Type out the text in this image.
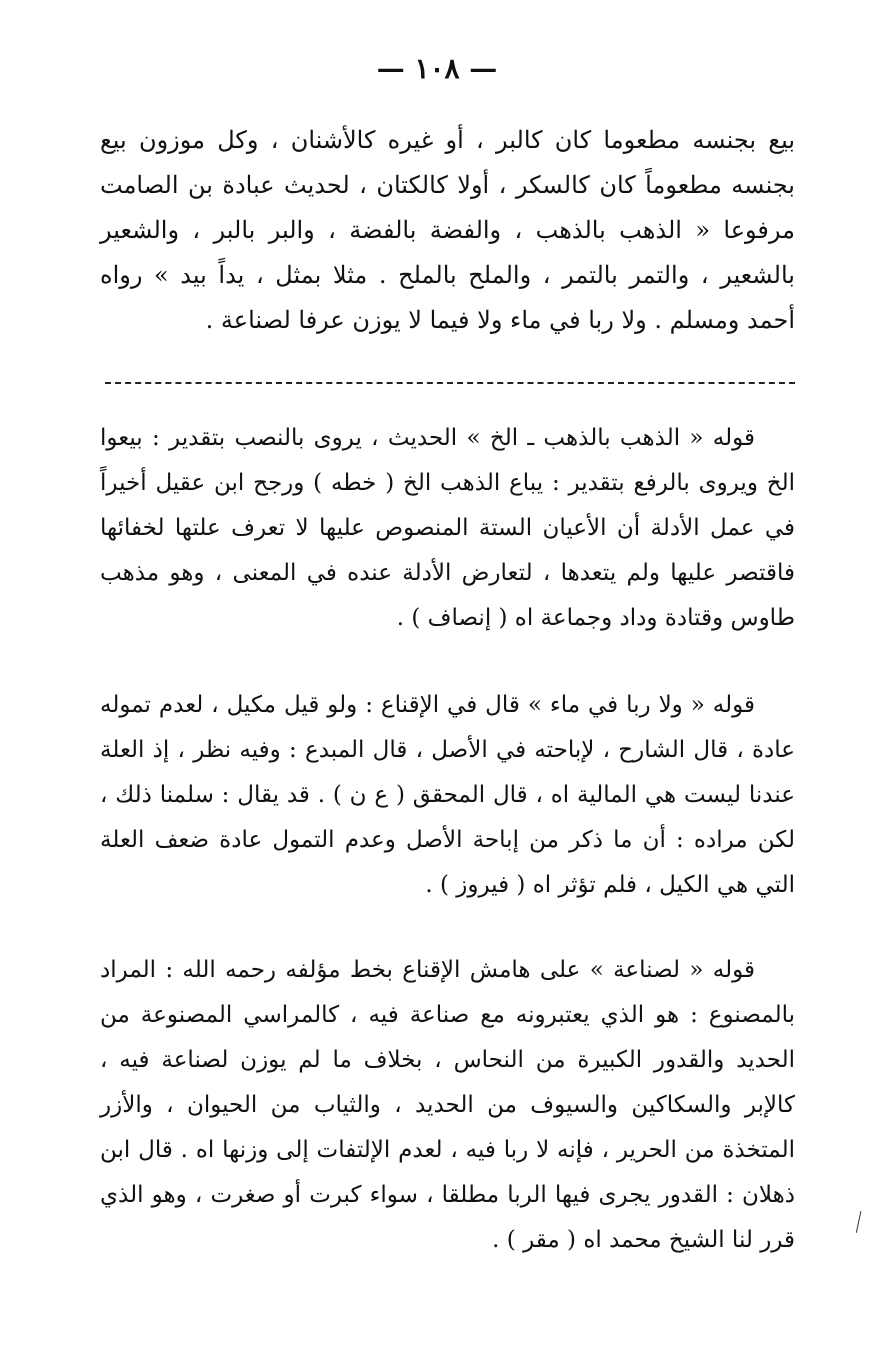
— ١٠٨ —

بيع بجنسه مطعوما كان كالبر ، أو غيره كالأشنان ، وكل موزون بيع بجنسه مطعوماً كان كالسكر ، أولا كالكتان ، لحديث عبادة بن الصامت مرفوعا « الذهب بالذهب ، والفضة بالفضة ، والبر بالبر ، والشعير بالشعير ، والتمر بالتمر ، والملح بالملح . مثلا بمثل ، يداً بيد » رواه أحمد ومسلم . ولا ربا في ماء ولا فيما لا يوزن عرفا لصناعة .

قوله « الذهب بالذهب ـ الخ » الحديث ، يروى بالنصب بتقدير : بيعوا الخ ويروى بالرفع بتقدير : يباع الذهب الخ ( خطه ) ورجح ابن عقيل أخيراً في عمل الأدلة أن الأعيان الستة المنصوص عليها لا تعرف علتها لخفائها فاقتصر عليها ولم يتعدها ، لتعارض الأدلة عنده في المعنى ، وهو مذهب طاوس وقتادة وداد وجماعة اه ( إنصاف ) .

قوله « ولا ربا في ماء » قال في الإقناع : ولو قيل مكيل ، لعدم تموله عادة ، قال الشارح ، لإباحته في الأصل ، قال المبدع : وفيه نظر ، إذ العلة عندنا ليست هي المالية اه ، قال المحقق ( ع ن ) . قد يقال : سلمنا ذلك ، لكن مراده : أن ما ذكر من إباحة الأصل وعدم التمول عادة ضعف العلة التي هي الكيل ، فلم تؤثر اه ( فيروز ) .

قوله « لصناعة » على هامش الإقناع بخط مؤلفه رحمه الله : المراد بالمصنوع : هو الذي يعتبرونه مع صناعة فيه ، كالمراسي المصنوعة من الحديد والقدور الكبيرة من النحاس ، بخلاف ما لم يوزن لصناعة فيه ، كالإبر والسكاكين والسيوف من الحديد ، والثياب من الحيوان ، والأزر المتخذة من الحرير ، فإنه لا ربا فيه ، لعدم الإلتفات إلى وزنها اه . قال ابن ذهلان : القدور يجرى فيها الربا مطلقا ، سواء كبرت أو صغرت ، وهو الذي قرر لنا الشيخ محمد اه ( مقر ) .
